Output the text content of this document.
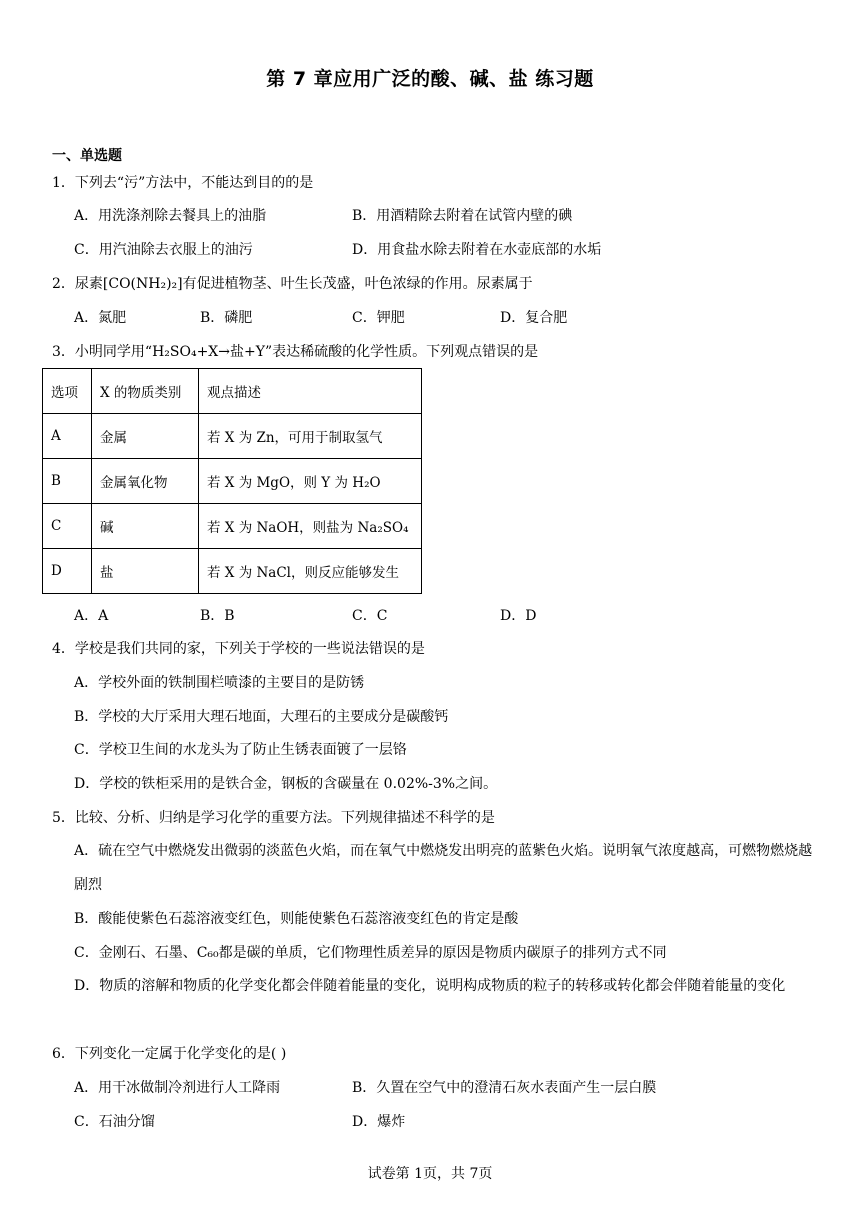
第 7 章应用广泛的酸、碱、盐 练习题
一、单选题
1．下列去“污”方法中，不能达到目的的是
A．用洗涤剂除去餐具上的油脂	B．用酒精除去附着在试管内壁的碘
C．用汽油除去衣服上的油污	D．用食盐水除去附着在水壶底部的水垢
2．尿素[CO(NH₂)₂]有促进植物茎、叶生长茂盛，叶色浓绿的作用。尿素属于
A．氮肥	B．磷肥	C．钾肥	D．复合肥
3．小明同学用“H₂SO₄+X→盐+Y”表达稀硫酸的化学性质。下列观点错误的是
选项	X 的物质类别	观点描述
A	金属	若 X 为 Zn，可用于制取氢气
B	金属氧化物	若 X 为 MgO，则 Y 为 H₂O
C	碱	若 X 为 NaOH，则盐为 Na₂SO₄
D	盐	若 X 为 NaCl，则反应能够发生
A．A	B．B	C．C	D．D
4．学校是我们共同的家，下列关于学校的一些说法错误的是
A．学校外面的铁制围栏喷漆的主要目的是防锈
B．学校的大厅采用大理石地面，大理石的主要成分是碳酸钙
C．学校卫生间的水龙头为了防止生锈表面镀了一层铬
D．学校的铁柜采用的是铁合金，钢板的含碳量在 0.02%-3%之间。
5．比较、分析、归纳是学习化学的重要方法。下列规律描述不科学的是
A．硫在空气中燃烧发出微弱的淡蓝色火焰，而在氧气中燃烧发出明亮的蓝紫色火焰。说明氧气浓度越高，可燃物燃烧越剧烈
B．酸能使紫色石蕊溶液变红色，则能使紫色石蕊溶液变红色的肯定是酸
C．金刚石、石墨、C₆₀都是碳的单质，它们物理性质差异的原因是物质内碳原子的排列方式不同
D．物质的溶解和物质的化学变化都会伴随着能量的变化，说明构成物质的粒子的转移或转化都会伴随着能量的变化
6．下列变化一定属于化学变化的是( )
A．用干冰做制冷剂进行人工降雨	B．久置在空气中的澄清石灰水表面产生一层白膜
C．石油分馏	D．爆炸
试卷第 1页，共 7页
